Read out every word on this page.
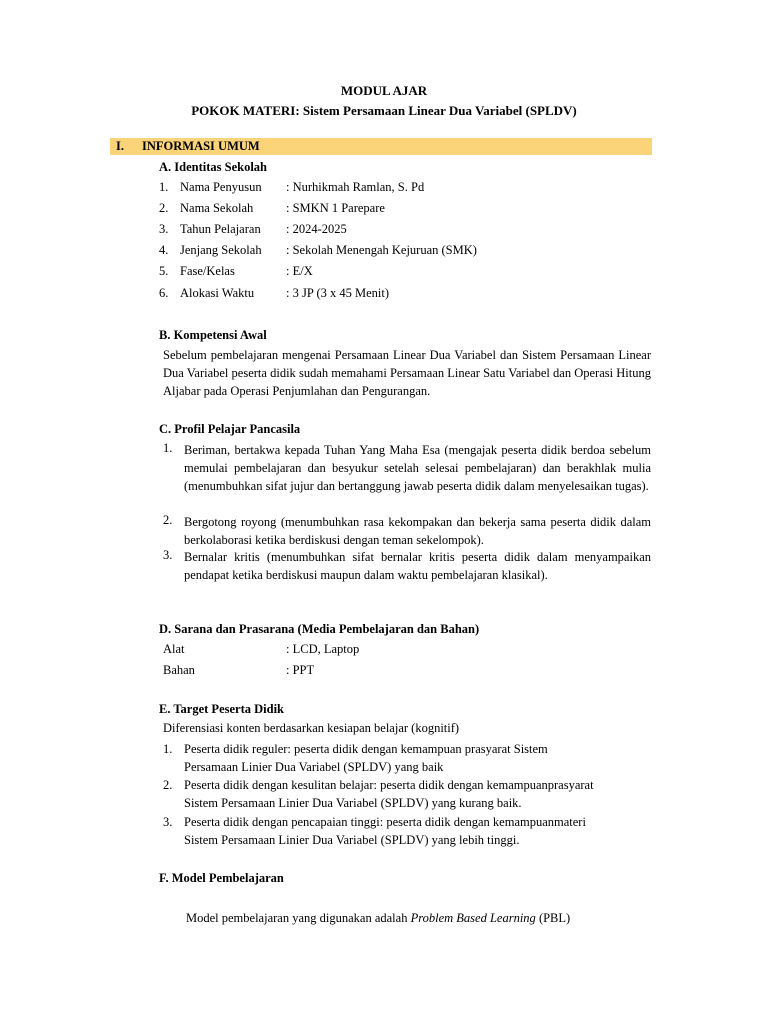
MODUL AJAR
POKOK MATERI: Sistem Persamaan Linear Dua Variabel (SPLDV)
I. INFORMASI UMUM
A. Identitas Sekolah
1. Nama Penyusun : Nurhikmah Ramlan, S. Pd
2. Nama Sekolah	: SMKN 1 Parepare
3. Tahun Pelajaran : 2024-2025
4. Jenjang Sekolah : Sekolah Menengah Kejuruan (SMK)
5. Fase/Kelas	: E/X
6. Alokasi Waktu	: 3 JP (3 x 45 Menit)
B. Kompetensi Awal
Sebelum pembelajaran mengenai Persamaan Linear Dua Variabel dan Sistem Persamaan Linear Dua Variabel peserta didik sudah memahami Persamaan Linear Satu Variabel dan Operasi Hitung Aljabar pada Operasi Penjumlahan dan Pengurangan.
C. Profil Pelajar Pancasila
1. Beriman, bertakwa kepada Tuhan Yang Maha Esa (mengajak peserta didik berdoa sebelum memulai pembelajaran dan besyukur setelah selesai pembelajaran) dan berakhlak mulia (menumbuhkan sifat jujur dan bertanggung jawab peserta didik dalam menyelesaikan tugas).
2. Bergotong royong (menumbuhkan rasa kekompakan dan bekerja sama peserta didik dalam berkolaborasi ketika berdiskusi dengan teman sekelompok).
3. Bernalar kritis (menumbuhkan sifat bernalar kritis peserta didik dalam menyampaikan pendapat ketika berdiskusi maupun dalam waktu pembelajaran klasikal).
D. Sarana dan Prasarana (Media Pembelajaran dan Bahan)
Alat	: LCD, Laptop
Bahan	: PPT
E. Target Peserta Didik
Diferensiasi konten berdasarkan kesiapan belajar (kognitif)
1. Peserta didik reguler: peserta didik dengan kemampuan prasyarat Sistem
Persamaan Linier Dua Variabel (SPLDV) yang baik
2. Peserta didik dengan kesulitan belajar: peserta didik dengan kemampuanprasyarat
Sistem Persamaan Linier Dua Variabel (SPLDV) yang kurang baik.
3. Peserta didik dengan pencapaian tinggi: peserta didik dengan kemampuanmateri
Sistem Persamaan Linier Dua Variabel (SPLDV) yang lebih tinggi.
F. Model Pembelajaran
Model pembelajaran yang digunakan adalah Problem Based Learning (PBL)
